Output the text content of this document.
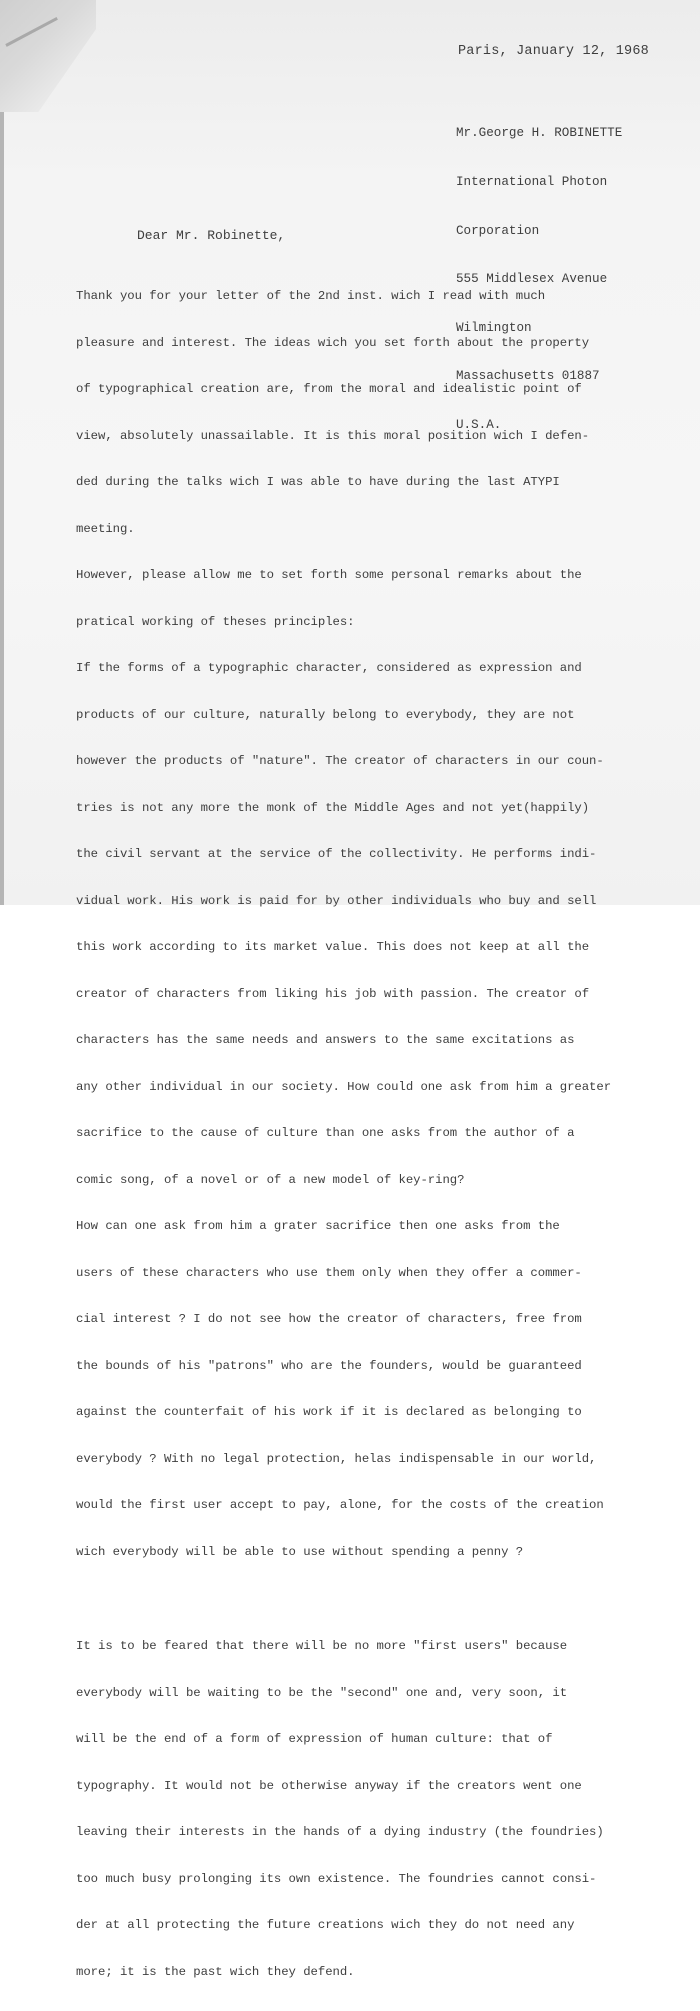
Paris, January 12, 1968

Mr.George H. ROBINETTE

International Photon

Corporation

555 Middlesex Avenue

Wilmington

Massachusetts 01887

U.S.A.

Dear Mr. Robinette,

Thank you for your letter of the 2nd inst. wich I read with much

pleasure and interest. The ideas wich you set forth about the property

of typographical creation are, from the moral and idealistic point of

view, absolutely unassailable. It is this moral position wich I defen-

ded during the talks wich I was able to have during the last ATYPI

meeting.

However, please allow me to set forth some personal remarks about the

pratical working of theses principles:

If the forms of a typographic character, considered as expression and

products of our culture, naturally belong to everybody, they are not

however the products of "nature". The creator of characters in our coun-

tries is not any more the monk of the Middle Ages and not yet(happily)

the civil servant at the service of the collectivity. He performs indi-

vidual work. His work is paid for by other individuals who buy and sell

this work according to its market value. This does not keep at all the

creator of characters from liking his job with passion. The creator of

characters has the same needs and answers to the same excitations as

any other individual in our society. How could one ask from him a greater

sacrifice to the cause of culture than one asks from the author of a

comic song, of a novel or of a new model of key-ring?

How can one ask from him a grater sacrifice then one asks from the

users of these characters who use them only when they offer a commer-

cial interest ? I do not see how the creator of characters, free from

the bounds of his "patrons" who are the founders, would be guaranteed

against the counterfait of his work if it is declared as belonging to

everybody ? With no legal protection, helas indispensable in our world,

would the first user accept to pay, alone, for the costs of the creation

wich everybody will be able to use without spending a penny ?

It is to be feared that there will be no more "first users" because

everybody will be waiting to be the "second" one and, very soon, it

will be the end of a form of expression of human culture: that of

typography. It would not be otherwise anyway if the creators went one

leaving their interests in the hands of a dying industry (the foundries)

too much busy prolonging its own existence. The foundries cannot consi-

der at all protecting the future creations wich they do not need any

more; it is the past wich they defend.
